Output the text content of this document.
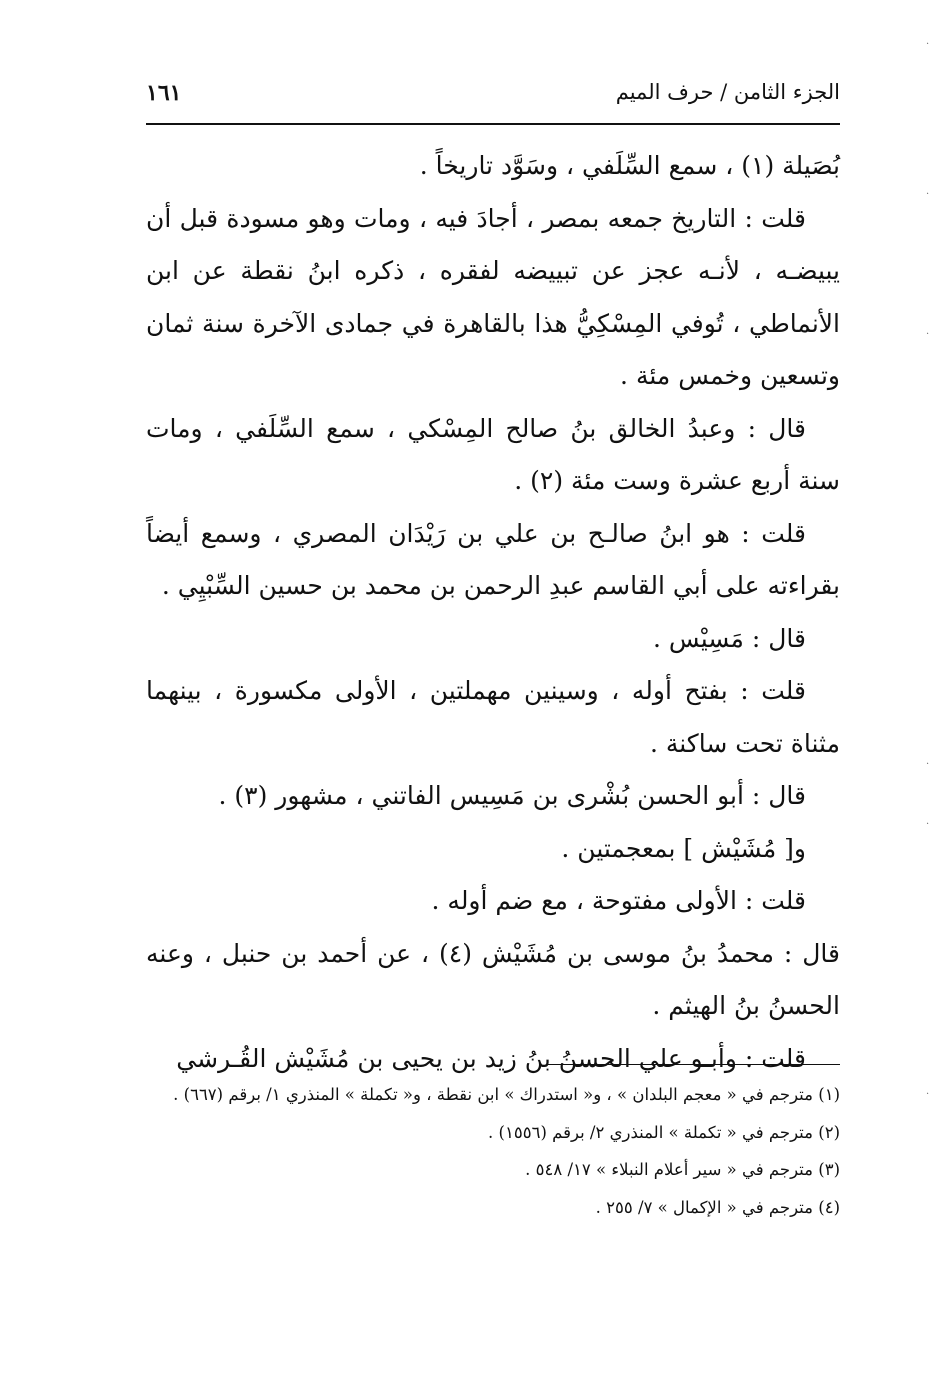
الجزء الثامن / حرف الميم
١٦١

بُصَيلة (١) ، سمع السِّلَفي ، وسَوَّد تاريخاً .

قلت : التاريخ جمعه بمصر ، أجادَ فيه ، ومات وهو مسودة قبل أن يبيضـه ، لأنـه عجز عن تبييضه لفقره ، ذكره ابنُ نقطة عن ابن الأنماطي ، تُوفي المِسْكِيُّ هذا بالقاهرة في جمادى الآخرة سنة ثمان وتسعين وخمس مئة .

قال : وعبدُ الخالق بنُ صالح المِسْكي ، سمع السِّلَفي ، ومات سنة أربع عشرة وست مئة (٢) .

قلت : هو ابنُ صالـح بن علي بن رَيْدَان المصري ، وسمع أيضاً بقراءته على أبي القاسم عبدِ الرحمن بن محمد بن حسين السِّبْيِي .

قال : مَسِيْس .

قلت : بفتح أوله ، وسينين مهملتين ، الأولى مكسورة ، بينهما مثناة تحت ساكنة .

قال : أبو الحسن بُشْرى بن مَسِيس الفاتني ، مشهور (٣) .

و[ مُشَيْش ] بمعجمتين .

قلت : الأولى مفتوحة ، مع ضم أوله .

قال : محمدُ بنُ موسى بن مُشَيْش (٤) ، عن أحمد بن حنبل ، وعنه الحسنُ بنُ الهيثم .

قلت : وأبـو علي الحسنُ بنُ زيد بن يحيى بن مُشَيْش القُـرشي

(١) مترجم في « معجم البلدان » ، و« استدراك » ابن نقطة ، و« تكملة » المنذري ١/ برقم (٦٦٧) .

(٢) مترجم في « تكملة » المنذري ٢/ برقم (١٥٥٦) .

(٣) مترجم في « سير أعلام النبلاء » ١٧/ ٥٤٨ .

(٤) مترجم في « الإكمال » ٧/ ٢٥٥ .

·
·
·
·
·
·
